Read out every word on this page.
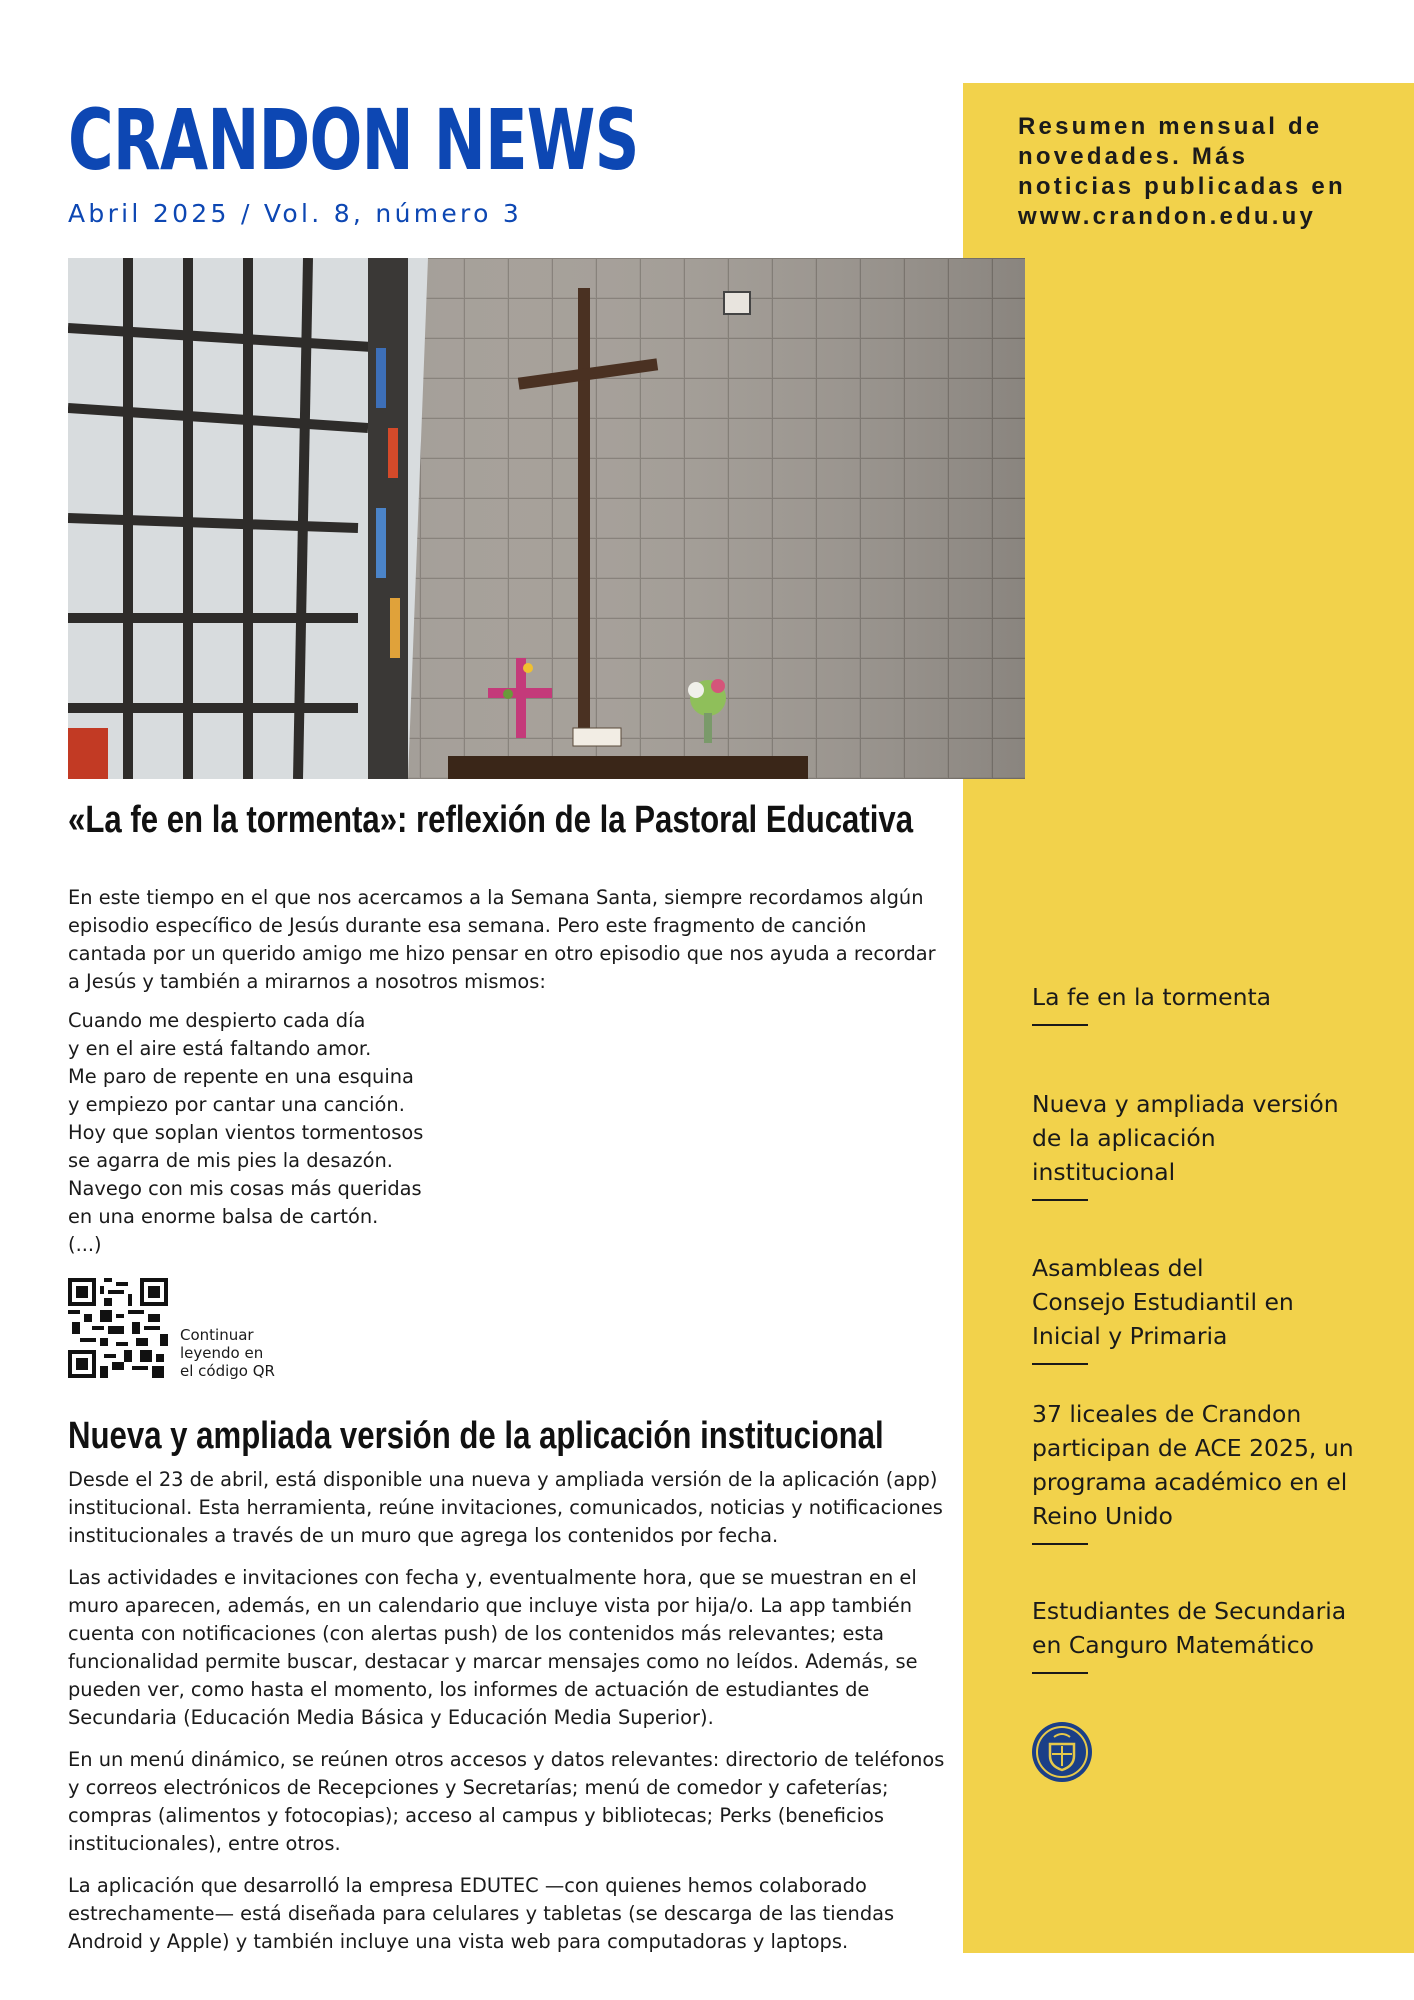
Resumen mensual de
novedades. Más
noticias publicadas en
www.crandon.edu.uy
CRANDON NEWS
Abril 2025 / Vol. 8, número 3
«La fe en la tormenta»: reflexión de la Pastoral Educativa

En este tiempo en el que nos acercamos a la Semana Santa, siempre recordamos algún episodio específico de Jesús durante esa semana. Pero este fragmento de canción cantada por un querido amigo me hizo pensar en otro episodio que nos ayuda a recordar a Jesús y también a mirarnos a nosotros mismos:

Cuando me despierto cada día
y en el aire está faltando amor.
Me paro de repente en una esquina
y empiezo por cantar una canción.
Hoy que soplan vientos tormentosos
se agarra de mis pies la desazón.
Navego con mis cosas más queridas
en una enorme balsa de cartón.
(...)
Continuar
leyendo en
el código QR
Nueva y ampliada versión de la aplicación institucional

Desde el 23 de abril, está disponible una nueva y ampliada versión de la aplicación (app) institucional. Esta herramienta, reúne invitaciones, comunicados, noticias y notificaciones institucionales a través de un muro que agrega los contenidos por fecha.

Las actividades e invitaciones con fecha y, eventualmente hora, que se muestran en el muro aparecen, además, en un calendario que incluye vista por hija/o. La app también cuenta con notificaciones (con alertas push) de los contenidos más relevantes; esta funcionalidad permite buscar, destacar y marcar mensajes como no leídos. Además, se pueden ver, como hasta el momento, los informes de actuación de estudiantes de Secundaria (Educación Media Básica y Educación Media Superior).

En un menú dinámico, se reúnen otros accesos y datos relevantes: directorio de teléfonos y correos electrónicos de Recepciones y Secretarías; menú de comedor y cafeterías; compras (alimentos y fotocopias); acceso al campus y bibliotecas; Perks (beneficios institucionales), entre otros.

La aplicación que desarrolló la empresa EDUTEC —con quienes hemos colaborado estrechamente— está diseñada para celulares y tabletas (se descarga de las tiendas Android y Apple) y también incluye una vista web para computadoras y laptops.

La fe en la tormenta
Nueva y ampliada versión
de la aplicación
institucional
Asambleas del
Consejo Estudiantil en
Inicial y Primaria
37 liceales de Crandon
participan de ACE 2025, un
programa académico en el
Reino Unido
Estudiantes de Secundaria
en Canguro Matemático
